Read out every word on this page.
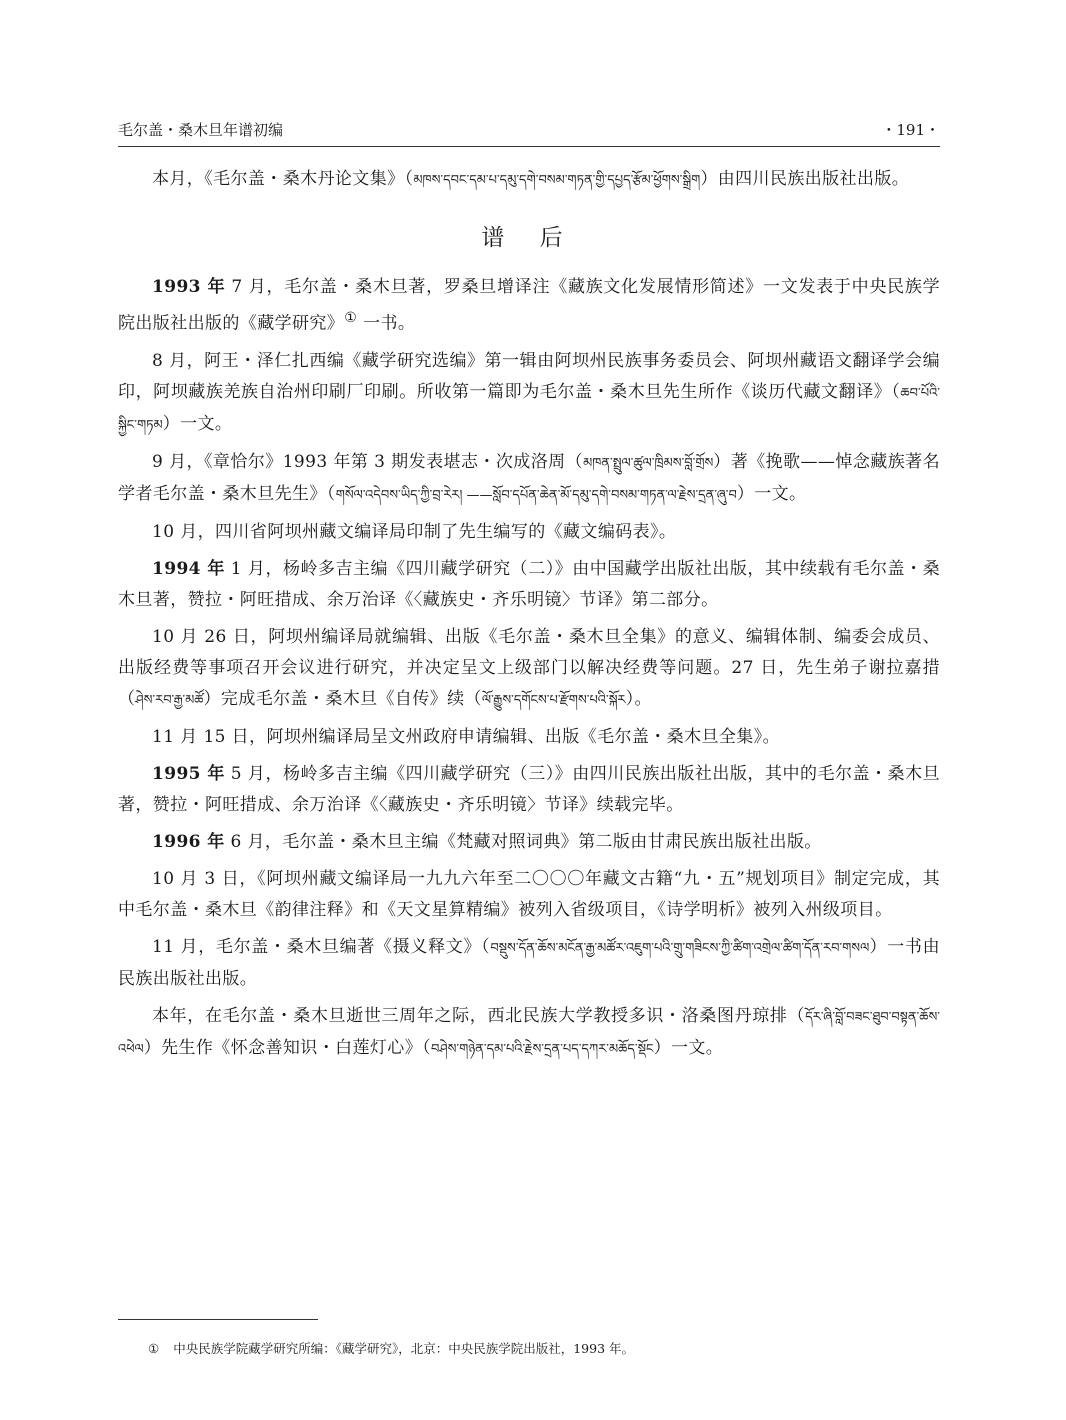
毛尔盖・桑木旦年谱初编	・191・

本月，《毛尔盖・桑木丹论文集》（མཁས་དབང་དམ་པ་དམུ་དགེ་བསམ་གཏན་གྱི་དཔྱད་རྩོམ་ཕྱོགས་སྒྲིག）由四川民族出版社出版。

谱 后

1993 年 7 月，毛尔盖・桑木旦著，罗桑旦增译注《藏族文化发展情形简述》一文发表于中央民族学院出版社出版的《藏学研究》① 一书。

8 月，阿王・泽仁扎西编《藏学研究选编》第一辑由阿坝州民族事务委员会、阿坝州藏语文翻译学会编印，阿坝藏族羌族自治州印刷厂印刷。所收第一篇即为毛尔盖・桑木旦先生所作《谈历代藏文翻译》（ཆབ་པོའི་སྐྱིང་གཏམ）一文。

9 月，《章恰尔》1993 年第 3 期发表堪志・次成洛周（མཁན་སྤྲུལ་ཚུལ་ཁྲིམས་བློ་གྲོས）著《挽歌——悼念藏族著名学者毛尔盖・桑木旦先生》（གསོལ་འདེབས་ཡིད་ཀྱི་བྲ་རེར། ——སློབ་དཔོན་ཆེན་མོ་དམུ་དགེ་བསམ་གཏན་ལ་རྗེས་དྲན་ཞུ་བ）一文。

10 月，四川省阿坝州藏文编译局印制了先生编写的《藏文编码表》。

1994 年 1 月，杨岭多吉主编《四川藏学研究（二）》由中国藏学出版社出版，其中续载有毛尔盖・桑木旦著，赞拉・阿旺措成、余万治译《〈藏族史・齐乐明镜〉节译》第二部分。

10 月 26 日，阿坝州编译局就编辑、出版《毛尔盖・桑木旦全集》的意义、编辑体制、编委会成员、出版经费等事项召开会议进行研究，并决定呈文上级部门以解决经费等问题。27 日，先生弟子谢拉嘉措（ཤེས་རབ་རྒྱ་མཚོ）完成毛尔盖・桑木旦《自传》续（ལོ་རྒྱུས་དགོངས་པ་རྫོགས་པའི་སྐོར）。

11 月 15 日，阿坝州编译局呈文州政府申请编辑、出版《毛尔盖・桑木旦全集》。

1995 年 5 月，杨岭多吉主编《四川藏学研究（三）》由四川民族出版社出版，其中的毛尔盖・桑木旦著，赞拉・阿旺措成、余万治译《〈藏族史・齐乐明镜〉节译》续载完毕。

1996 年 6 月，毛尔盖・桑木旦主编《梵藏对照词典》第二版由甘肃民族出版社出版。

10 月 3 日，《阿坝州藏文编译局一九九六年至二〇〇〇年藏文古籍“九・五”规划项目》制定完成，其中毛尔盖・桑木旦《韵律注释》和《天文星算精编》被列入省级项目，《诗学明析》被列入州级项目。

11 月，毛尔盖・桑木旦编著《摄义释文》（བསྡུས་དོན་ཆོས་མངོན་རྒྱ་མཚོར་འཇུག་པའི་གྲུ་གཟིངས་ཀྱི་ཚིག་འགྲེལ་ཚིག་དོན་རབ་གསལ）一书由民族出版社出版。

本年，在毛尔盖・桑木旦逝世三周年之际，西北民族大学教授多识・洛桑图丹琼排（དོར་ཞི་བློ་བཟང་ཐུབ་བསྟན་ཆོས་འཕེལ）先生作《怀念善知识・白莲灯心》（བཤེས་གཉེན་དམ་པའི་རྗེས་དྲན་པད་དཀར་མཆོད་སྡོང）一文。

① 中央民族学院藏学研究所编：《藏学研究》，北京：中央民族学院出版社，1993 年。
